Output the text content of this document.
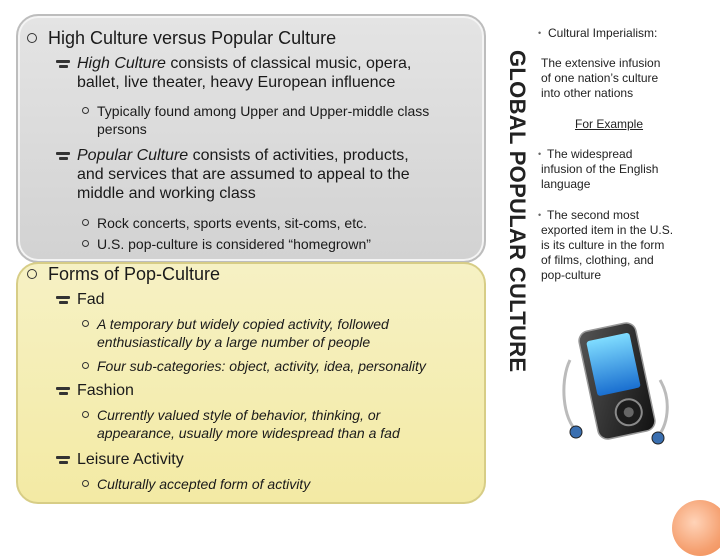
High Culture versus Popular Culture
High Culture consists of classical music, opera,
ballet, live theater, heavy European influence
Typically found among Upper and Upper-middle class
persons
Popular Culture consists of activities, products,
and services that are assumed to appeal to the
middle and working class
Rock concerts, sports events, sit-coms, etc.
U.S. pop-culture is considered “homegrown”
Forms of Pop-Culture
Fad
A temporary but widely copied activity, followed
enthusiastically by a large number of people
Four sub-categories: object, activity, idea, personality
Fashion
Currently valued style of behavior, thinking, or
appearance, usually more widespread than a fad
Leisure Activity
Culturally accepted form of activity
GLOBAL POPULAR CULTURE
• Cultural Imperialism:
The extensive infusion
of one nation’s culture
into other nations
For Example
• The widespread
infusion of the English
language
• The second most
exported item in the U.S.
is its culture in the form
of films, clothing, and
pop-culture
